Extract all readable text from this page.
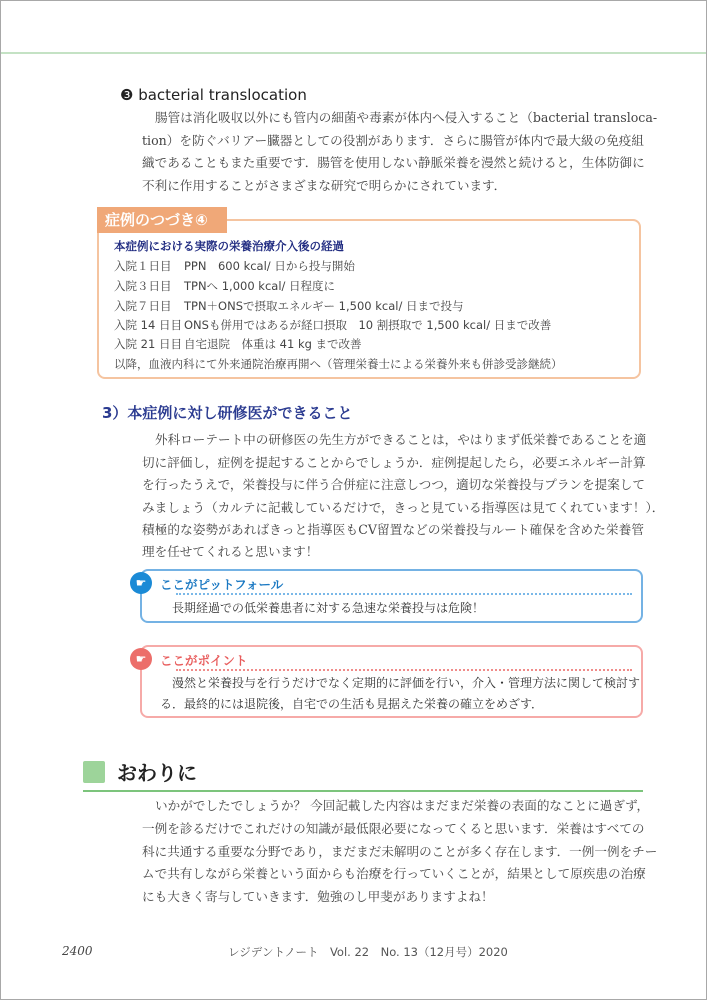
❸ bacterial translocation
腸管は消化吸収以外にも管内の細菌や毒素が体内へ侵入すること（bacterial transloca-
tion）を防ぐバリアー臓器としての役割があります．さらに腸管が体内で最大級の免疫組
織であることもまた重要です．腸管を使用しない静脈栄養を漫然と続けると，生体防御に
不利に作用することがさまざまな研究で明らかにされています．
症例のつづき④
本症例における実際の栄養治療介入後の経過
入院１日目 PPN　600 kcal/ 日から投与開始
入院３日目 TPNへ 1,000 kcal/ 日程度に
入院７日目 TPN＋ONSで摂取エネルギー 1,500 kcal/ 日まで投与
入院 14 日目 ONSも併用ではあるが経口摂取　10 割摂取で 1,500 kcal/ 日まで改善
入院 21 日目 自宅退院　体重は 41 kg まで改善
以降，血液内科にて外来通院治療再開へ（管理栄養士による栄養外来も併診受診継続）
3）本症例に対し研修医ができること
外科ローテート中の研修医の先生方ができることは，やはりまず低栄養であることを適
切に評価し，症例を提起することからでしょうか．症例提起したら，必要エネルギー計算
を行ったうえで，栄養投与に伴う合併症に注意しつつ，適切な栄養投与プランを提案して
みましょう（カルテに記載しているだけで，きっと見ている指導医は見てくれています！）．
積極的な姿勢があればきっと指導医もCV留置などの栄養投与ルート確保を含めた栄養管
理を任せてくれると思います！
☛	ここがピットフォール
長期経過での低栄養患者に対する急速な栄養投与は危険！
☛	ここがポイント
漫然と栄養投与を行うだけでなく定期的に評価を行い，介入・管理方法に関して検討す
る．最終的には退院後，自宅での生活も見据えた栄養の確立をめざす．
おわりに
いかがでしたでしょうか？ 今回記載した内容はまだまだ栄養の表面的なことに過ぎず，
一例を診るだけでこれだけの知識が最低限必要になってくると思います．栄養はすべての
科に共通する重要な分野であり，まだまだ未解明のことが多く存在します．一例一例をチー
ムで共有しながら栄養という面からも治療を行っていくことが，結果として原疾患の治療
にも大きく寄与していきます．勉強のし甲斐がありますよね！
2400	レジデントノート　Vol. 22　No. 13（12月号）2020
